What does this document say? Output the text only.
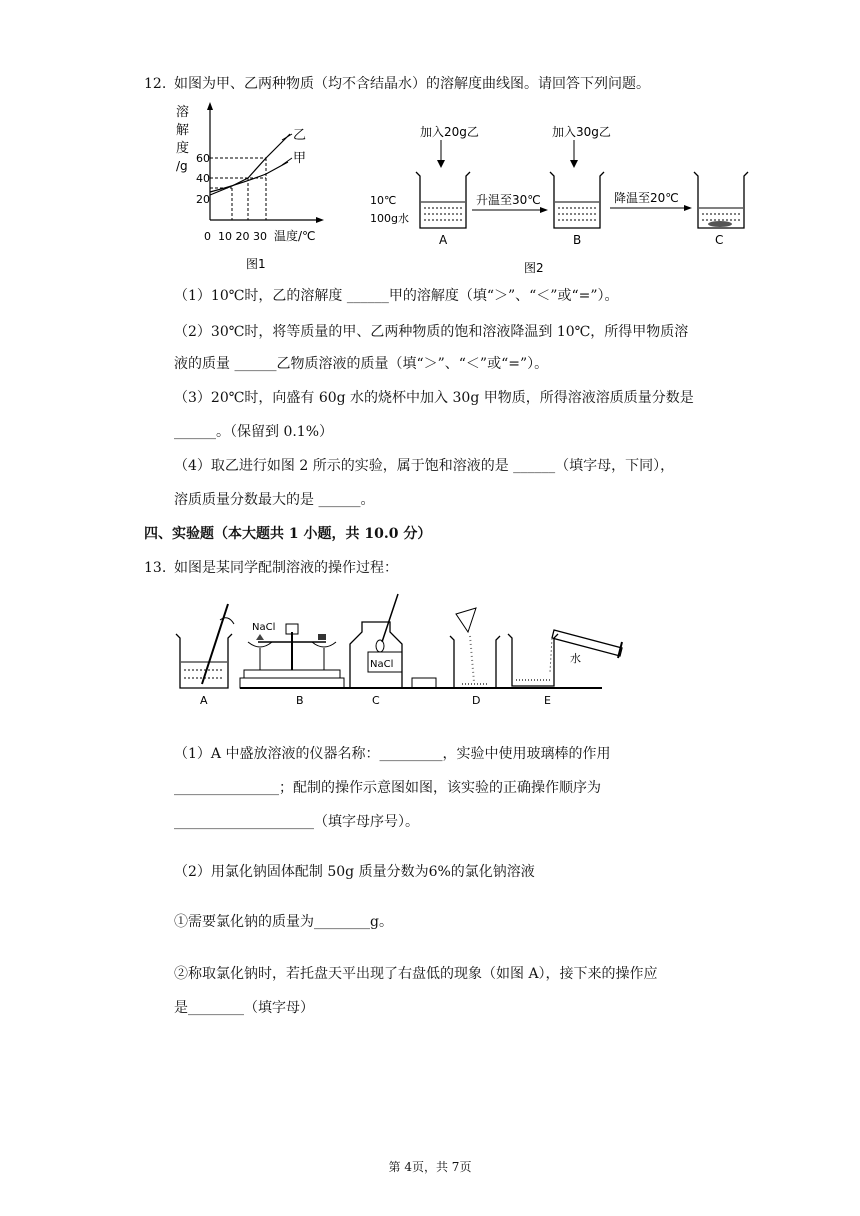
12. 如图为甲、乙两种物质（均不含结晶水）的溶解度曲线图。请回答下列问题。
溶
解
度
/g
60
40
20
乙
甲
0  10 20 30 温度/℃
图1
加入20g乙	加入30g乙
10℃
100g水
A
升温至30℃
B
降温至20℃
C
图2
（1）10℃时，乙的溶解度 ______甲的溶解度（填“＞”、“＜”或“=”）。
（2）30℃时，将等质量的甲、乙两种物质的饱和溶液降温到 10℃，所得甲物质溶
液的质量 ______乙物质溶液的质量（填“＞”、“＜”或“=”）。
（3）20℃时，向盛有 60g 水的烧杯中加入 30g 甲物质，所得溶液溶质质量分数是
______。（保留到 0.1%）
（4）取乙进行如图 2 所示的实验，属于饱和溶液的是 ______（填字母，下同），
溶质质量分数最大的是 ______。
四、实验题（本大题共 1 小题，共 10.0 分）
13. 如图是某同学配制溶液的操作过程：
A
NaCl
B
NaCl
C	D
水
E
（1）A 中盛放溶液的仪器名称：_________，实验中使用玻璃棒的作用
_______________；配制的操作示意图如图，该实验的正确操作顺序为
____________________（填字母序号）。
（2）用氯化钠固体配制 50g 质量分数为6%的氯化钠溶液
①需要氯化钠的质量为________g。
②称取氯化钠时，若托盘天平出现了右盘低的现象（如图 A），接下来的操作应
是________（填字母）
第 4页，共 7页
